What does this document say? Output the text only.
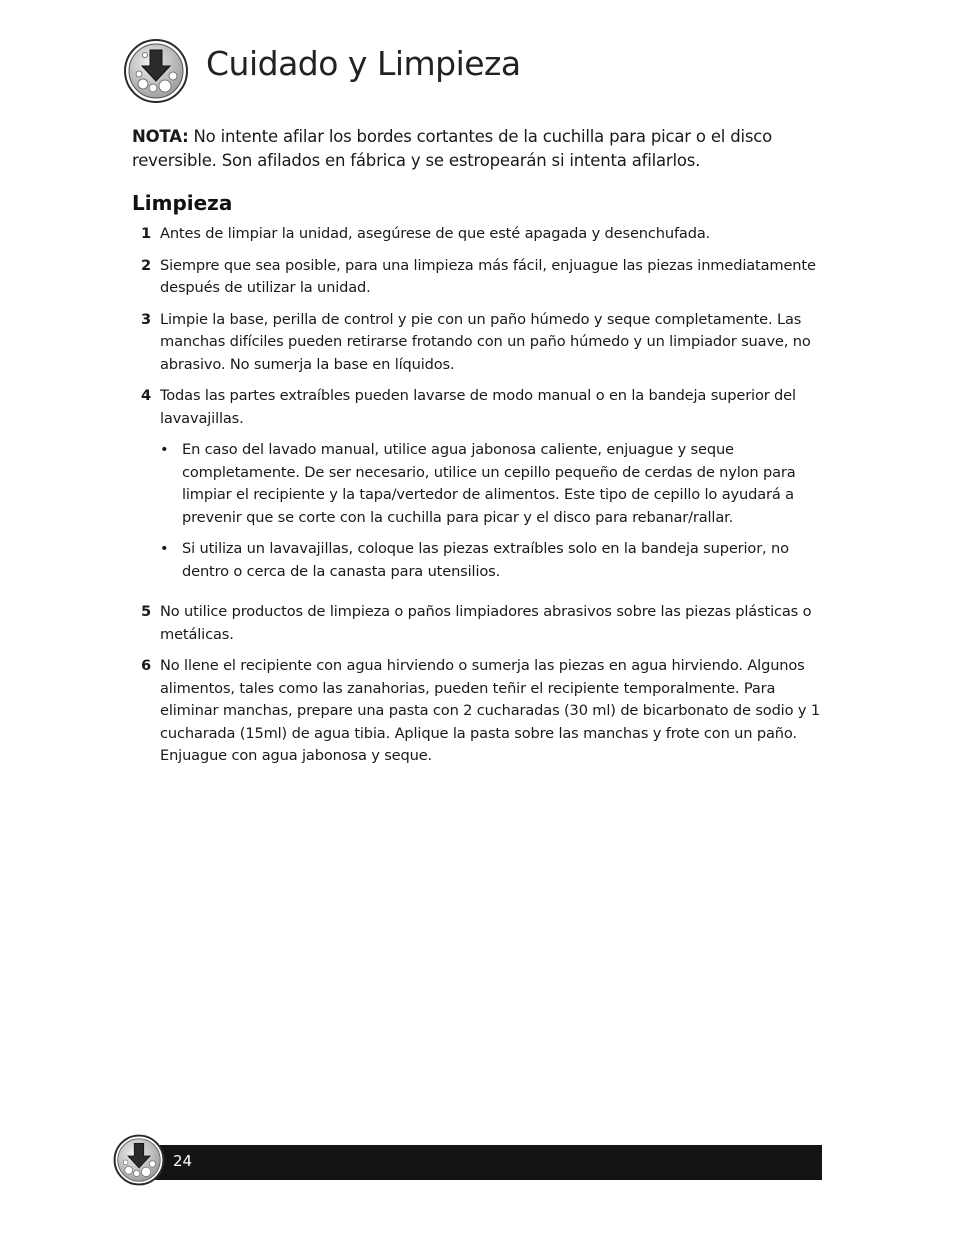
Cuidado y Limpieza

NOTA: No intente afilar los bordes cortantes de la cuchilla para picar o el disco reversible. Son afilados en fábrica y se estropearán si intenta afilarlos.

Limpieza
1 Antes de limpiar la unidad, asegúrese de que esté apagada y desenchufada.
2 Siempre que sea posible, para una limpieza más fácil, enjuague las piezas inmediatamente después de utilizar la unidad.
3 Limpie la base, perilla de control y pie con un paño húmedo y seque completamente. Las manchas difíciles pueden retirarse frotando con un paño húmedo y un limpiador suave, no abrasivo. No sumerja la base en líquidos.
4 Todas las partes extraíbles pueden lavarse de modo manual o en la bandeja superior del lavavajillas.
• En caso del lavado manual, utilice agua jabonosa caliente, enjuague y seque completamente. De ser necesario, utilice un cepillo pequeño de cerdas de nylon para limpiar el recipiente y la tapa/vertedor de alimentos. Este tipo de cepillo lo ayudará a prevenir que se corte con la cuchilla para picar y el disco para rebanar/rallar.
• Si utiliza un lavavajillas, coloque las piezas extraíbles solo en la bandeja superior, no dentro o cerca de la canasta para utensilios.
5 No utilice productos de limpieza o paños limpiadores abrasivos sobre las piezas plásticas o metálicas.
6 No llene el recipiente con agua hirviendo o sumerja las piezas en agua hirviendo. Algunos alimentos, tales como las zanahorias, pueden teñir el recipiente temporalmente. Para eliminar manchas, prepare una pasta con 2 cucharadas (30 ml) de bicarbonato de sodio y 1 cucharada (15ml) de agua tibia. Aplique la pasta sobre las manchas y frote con un paño. Enjuague con agua jabonosa y seque.
24
